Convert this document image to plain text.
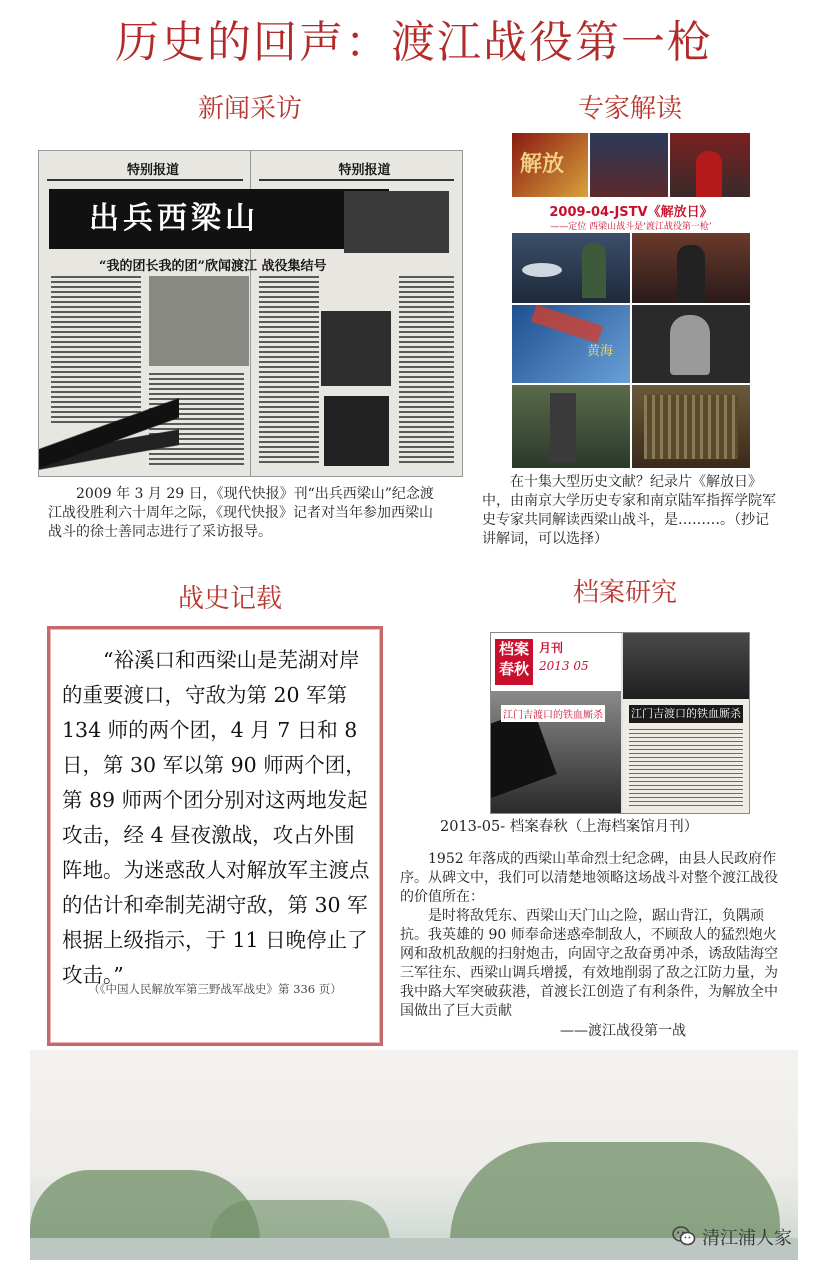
历史的回声：渡江战役第一枪
新闻采访
特别报道	特别报道
出兵西梁山
“我的团长我的团”欣闻渡江 战役集结号
2009 年 3 月 29 日，《现代快报》刊“出兵西梁山”纪念渡江战役胜利六十周年之际，《现代快报》记者对当年参加西梁山战斗的徐士善同志进行了采访报导。
专家解读
解放
2009-04-JSTV《解放日》
——定位 西梁山战斗是‘渡江战役第一枪’
黄海
在十集大型历史文献？纪录片《解放日》中，由南京大学历史专家和南京陆军指挥学院军史专家共同解读西梁山战斗，是………。（抄记讲解词，可以选择）
战史记载
“裕溪口和西梁山是芜湖对岸的重要渡口，守敌为第 20 军第 134 师的两个团，4 月 7 日和 8 日，第 30 军以第 90 师两个团，第 89 师两个团分别对这两地发起攻击，经 4 昼夜激战，攻占外围阵地。为迷惑敌人对解放军主渡点的估计和牵制芜湖守敌，第 30 军根据上级指示，于 11 日晚停止了攻击。”
（《中国人民解放军第三野战军战史》第 336 页）
档案研究
档案春秋
月刊
2013 05
江门吉渡口的铁血厮杀	江门吉渡口的铁血厮杀
2013-05- 档案春秋（上海档案馆月刊）
1952 年落成的西梁山革命烈士纪念碑，由县人民政府作序。从碑文中，我们可以清楚地领略这场战斗对整个渡江战役的价值所在：
是时将敌凭东、西梁山天门山之险，踞山背江，负隅顽抗。我英雄的 90 师奉命迷惑牵制敌人，不顾敌人的猛烈炮火网和敌机敌舰的扫射炮击，向固守之敌奋勇冲杀，诱敌陆海空三军往东、西梁山调兵增援，有效地削弱了敌之江防力量，为我中路大军突破荻港，首渡长江创造了有利条件，为解放全中国做出了巨大贡献
——渡江战役第一战
清江浦人家
